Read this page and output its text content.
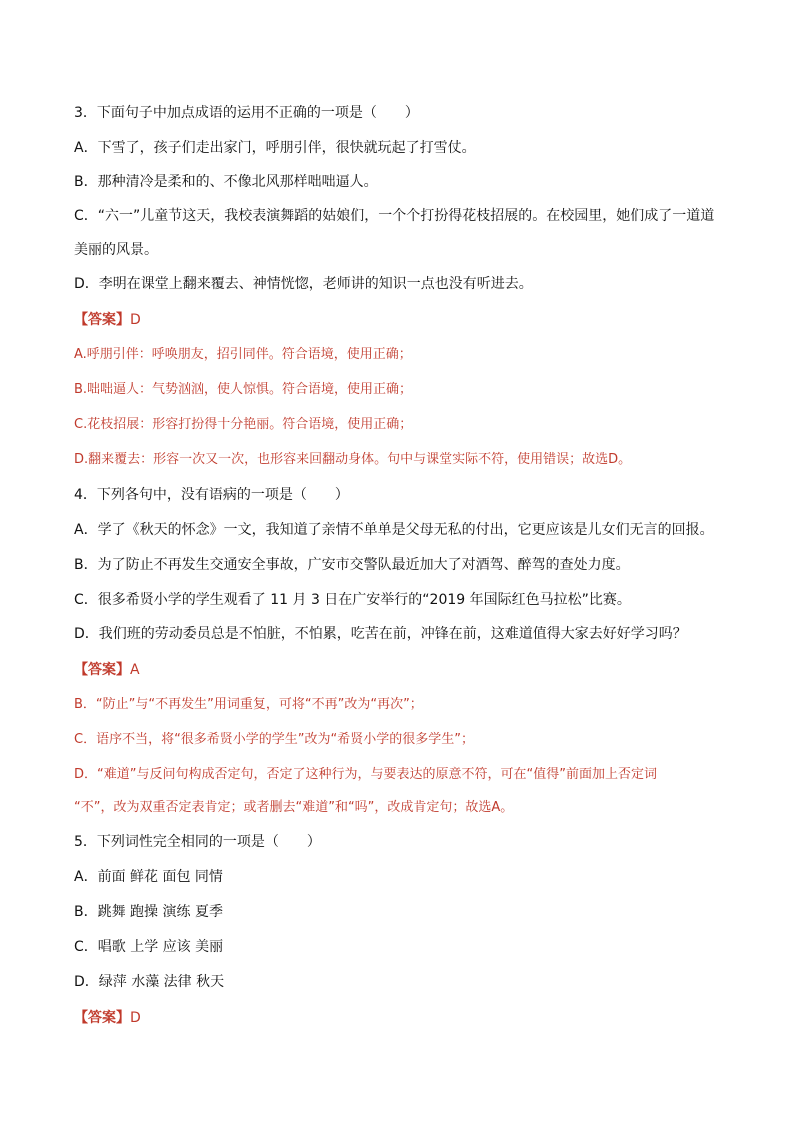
3．下面句子中加点成语的运用不正确的一项是（　　）
A．下雪了，孩子们走出家门，呼朋引伴，很快就玩起了打雪仗。
B．那种清冷是柔和的、不像北风那样咄咄逼人。
C．“六一”儿童节这天，我校表演舞蹈的姑娘们，一个个打扮得花枝招展的。在校园里，她们成了一道道
美丽的风景。
D．李明在课堂上翻来覆去、神情恍惚，老师讲的知识一点也没有听进去。
【答案】D
A.呼朋引伴：呼唤朋友，招引同伴。符合语境，使用正确；
B.咄咄逼人：气势汹汹，使人惊惧。符合语境，使用正确；
C.花枝招展：形容打扮得十分艳丽。符合语境，使用正确；
D.翻来覆去：形容一次又一次，也形容来回翻动身体。句中与课堂实际不符，使用错误；故选D。
4．下列各句中，没有语病的一项是（　　）
A．学了《秋天的怀念》一文，我知道了亲情不单单是父母无私的付出，它更应该是儿女们无言的回报。
B．为了防止不再发生交通安全事故，广安市交警队最近加大了对酒驾、醉驾的查处力度。
C．很多希贤小学的学生观看了 11 月 3 日在广安举行的“2019 年国际红色马拉松”比赛。
D．我们班的劳动委员总是不怕脏，不怕累，吃苦在前，冲锋在前，这难道值得大家去好好学习吗？
【答案】A
B．“防止”与“不再发生”用词重复，可将“不再”改为“再次”；
C．语序不当，将“很多希贤小学的学生”改为“希贤小学的很多学生”；
D．“难道”与反问句构成否定句，否定了这种行为，与要表达的原意不符，可在“值得”前面加上否定词
“不”，改为双重否定表肯定；或者删去“难道”和“吗”，改成肯定句；故选A。
5．下列词性完全相同的一项是（　　）
A．前面 鲜花 面包 同情
B．跳舞 跑操 演练 夏季
C．唱歌 上学 应该 美丽
D．绿萍 水藻 法律 秋天
【答案】D
